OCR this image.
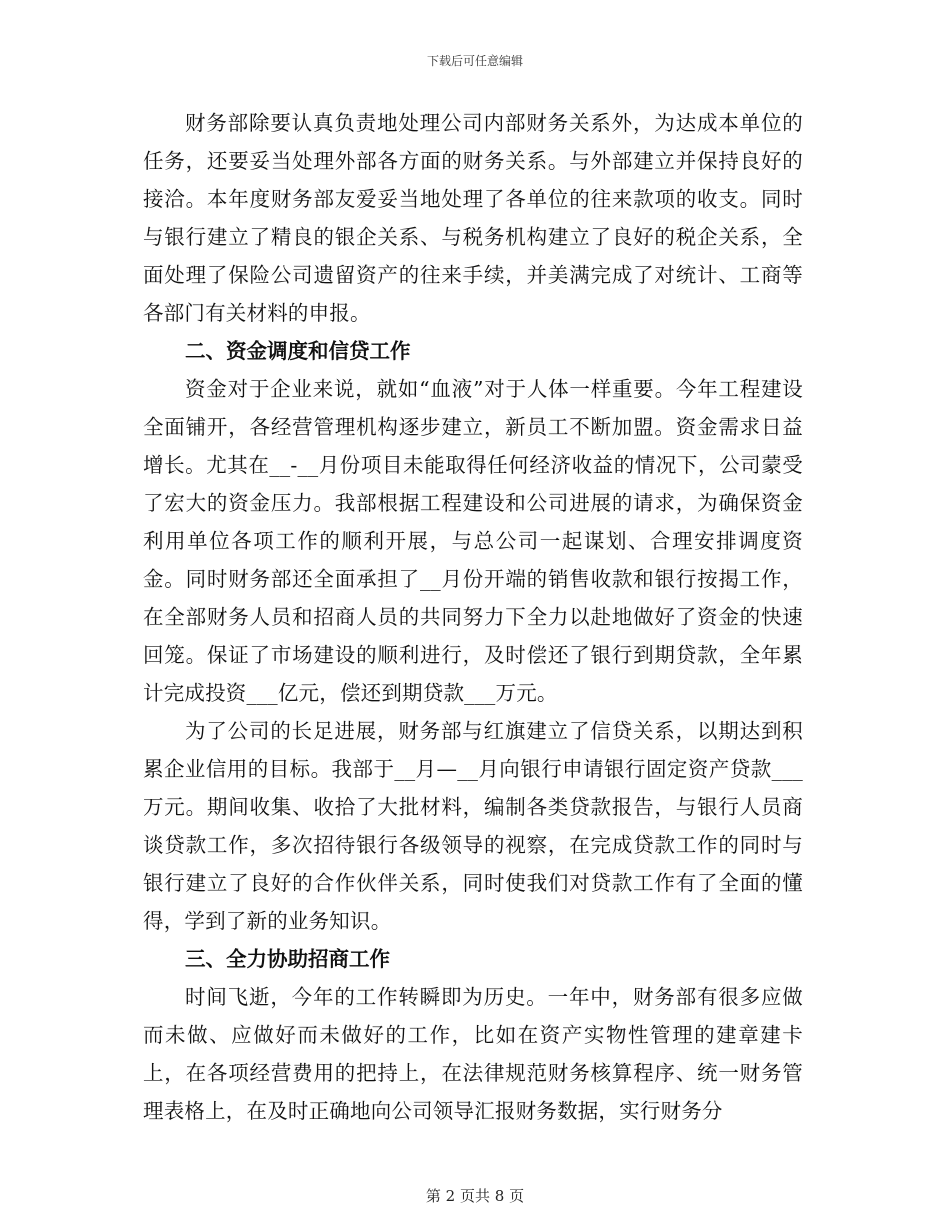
下载后可任意编辑

财务部除要认真负责地处理公司内部财务关系外，为达成本单位的任务，还要妥当处理外部各方面的财务关系。与外部建立并保持良好的接洽。本年度财务部友爱妥当地处理了各单位的往来款项的收支。同时与银行建立了精良的银企关系、与税务机构建立了良好的税企关系，全面处理了保险公司遗留资产的往来手续，并美满完成了对统计、工商等各部门有关材料的申报。

二、资金调度和信贷工作

资金对于企业来说，就如“血液”对于人体一样重要。今年工程建设全面铺开，各经营管理机构逐步建立，新员工不断加盟。资金需求日益增长。尤其在__-__月份项目未能取得任何经济收益的情况下，公司蒙受了宏大的资金压力。我部根据工程建设和公司进展的请求，为确保资金利用单位各项工作的顺利开展，与总公司一起谋划、合理安排调度资金。同时财务部还全面承担了__月份开端的销售收款和银行按揭工作，在全部财务人员和招商人员的共同努力下全力以赴地做好了资金的快速回笼。保证了市场建设的顺利进行，及时偿还了银行到期贷款，全年累计完成投资___亿元，偿还到期贷款___万元。

为了公司的长足进展，财务部与红旗建立了信贷关系，以期达到积累企业信用的目标。我部于__月—__月向银行申请银行固定资产贷款___万元。期间收集、收拾了大批材料，编制各类贷款报告，与银行人员商谈贷款工作，多次招待银行各级领导的视察，在完成贷款工作的同时与银行建立了良好的合作伙伴关系，同时使我们对贷款工作有了全面的懂得，学到了新的业务知识。

三、全力协助招商工作

时间飞逝，今年的工作转瞬即为历史。一年中，财务部有很多应做而未做、应做好而未做好的工作，比如在资产实物性管理的建章建卡上，在各项经营费用的把持上，在法律规范财务核算程序、统一财务管理表格上，在及时正确地向公司领导汇报财务数据，实行财务分

第 2 页共 8 页
